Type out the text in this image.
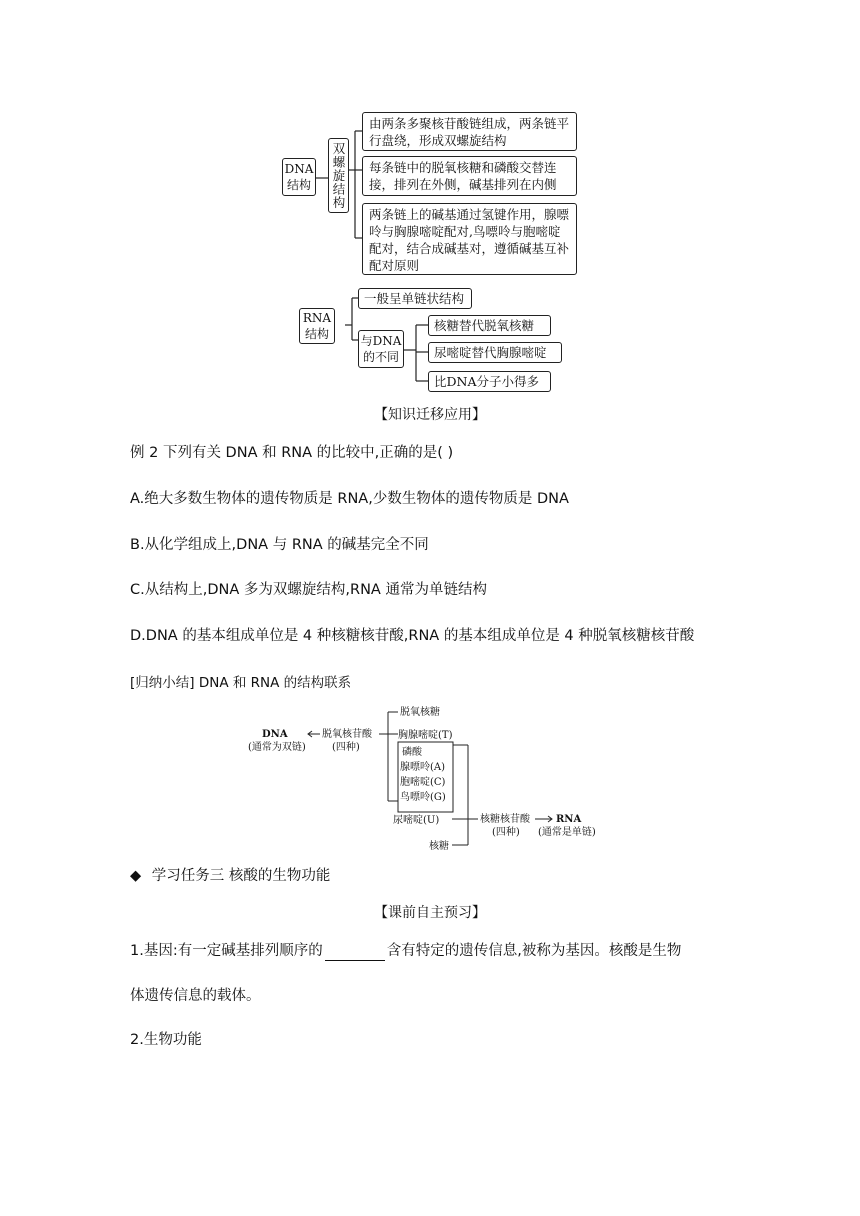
DNA
结构	双螺旋结构
由两条多聚核苷酸链组成，两条链平行盘绕，形成双螺旋结构
每条链中的脱氧核糖和磷酸交替连接，排列在外侧，碱基排列在内侧
两条链上的碱基通过氢键作用，腺嘌呤与胸腺嘧啶配对,鸟嘌呤与胞嘧啶配对，结合成碱基对，遵循碱基互补配对原则
RNA
结构
一般呈单链状结构
与DNA
的不同
核糖替代脱氧核糖
尿嘧啶替代胸腺嘧啶
比DNA分子小得多
【知识迁移应用】
例 2 下列有关 DNA 和 RNA 的比较中,正确的是( )
A.绝大多数生物体的遗传物质是 RNA,少数生物体的遗传物质是 DNA
B.从化学组成上,DNA 与 RNA 的碱基完全不同
C.从结构上,DNA 多为双螺旋结构,RNA 通常为单链结构
D.DNA 的基本组成单位是 4 种核糖核苷酸,RNA 的基本组成单位是 4 种脱氧核糖核苷酸
[归纳小结] DNA 和 RNA 的结构联系
DNA
(通常为双链)
脱氧核苷酸
(四种)
脱氧核糖
胸腺嘧啶(T)
磷酸
腺嘌呤(A)
胞嘧啶(C)
鸟嘌呤(G)
尿嘧啶(U)
核糖
核糖核苷酸
(四种)
RNA
(通常是单链)
◆ 学习任务三 核酸的生物功能
【课前自主预习】
1.基因:有一定碱基排列顺序的	含有特定的遗传信息,被称为基因。核酸是生物
体遗传信息的载体。
2.生物功能
